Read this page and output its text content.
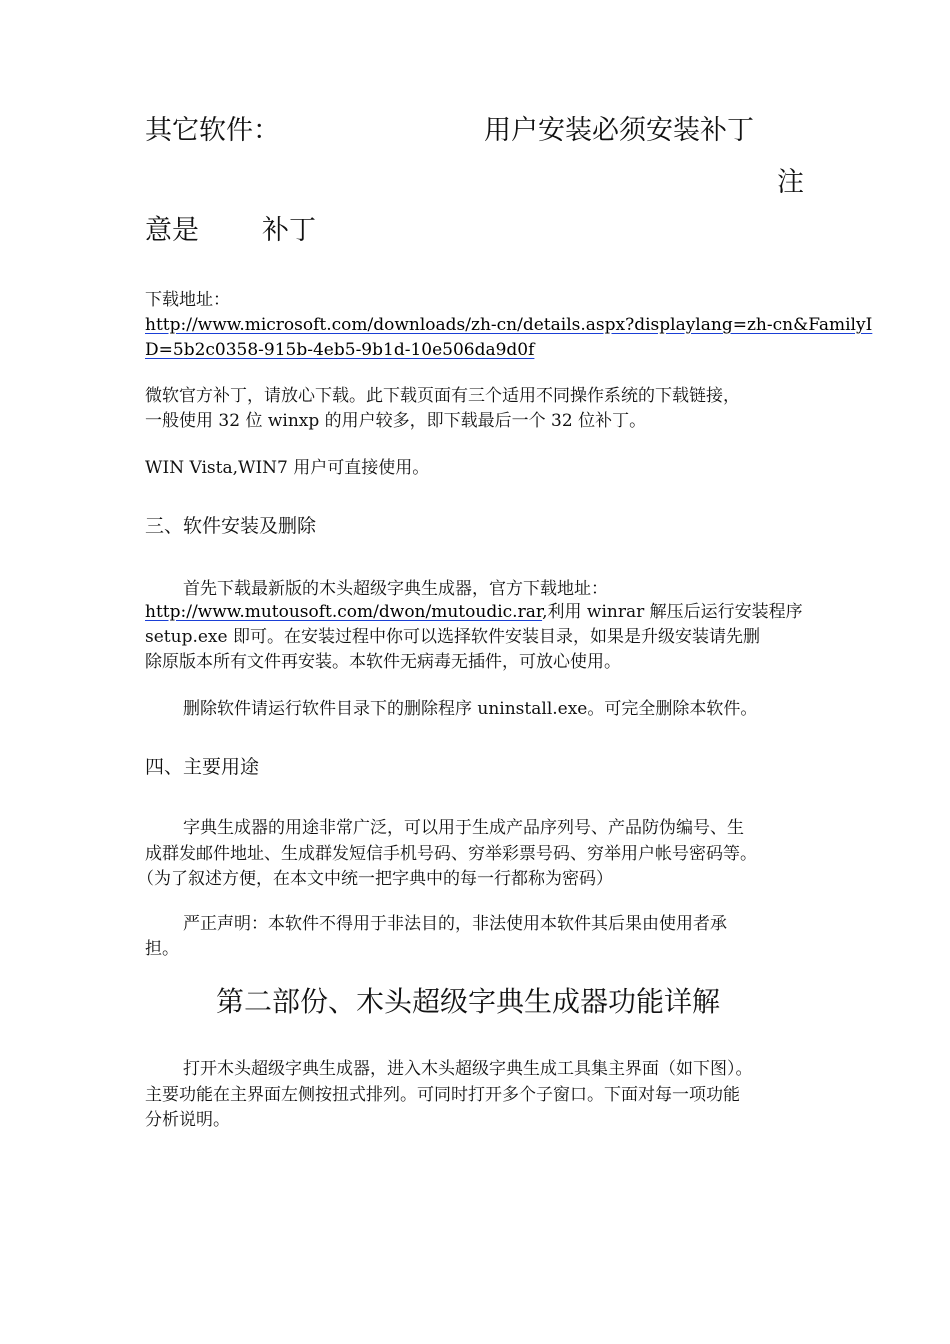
其它软件：	用户安装必须安装补丁
注
意是 补丁
下载地址：
http://www.microsoft.com/downloads/zh-cn/details.aspx?displaylang=zh-cn&FamilyI
D=5b2c0358-915b-4eb5-9b1d-10e506da9d0f
微软官方补丁，请放心下载。此下载页面有三个适用不同操作系统的下载链接，
一般使用 32 位 winxp 的用户较多，即下载最后一个 32 位补丁。
WIN Vista,WIN7 用户可直接使用。
三、软件安装及删除
首先下载最新版的木头超级字典生成器，官方下载地址：
http://www.mutousoft.com/dwon/mutoudic.rar,利用 winrar 解压后运行安装程序
setup.exe 即可。在安装过程中你可以选择软件安装目录，如果是升级安装请先删
除原版本所有文件再安装。本软件无病毒无插件，可放心使用。
删除软件请运行软件目录下的删除程序 uninstall.exe。可完全删除本软件。
四、主要用途
字典生成器的用途非常广泛，可以用于生成产品序列号、产品防伪编号、生
成群发邮件地址、生成群发短信手机号码、穷举彩票号码、穷举用户帐号密码等。
（为了叙述方便，在本文中统一把字典中的每一行都称为密码）
严正声明：本软件不得用于非法目的，非法使用本软件其后果由使用者承
担。
第二部份、木头超级字典生成器功能详解
打开木头超级字典生成器，进入木头超级字典生成工具集主界面（如下图）。
主要功能在主界面左侧按扭式排列。可同时打开多个子窗口。下面对每一项功能
分析说明。
